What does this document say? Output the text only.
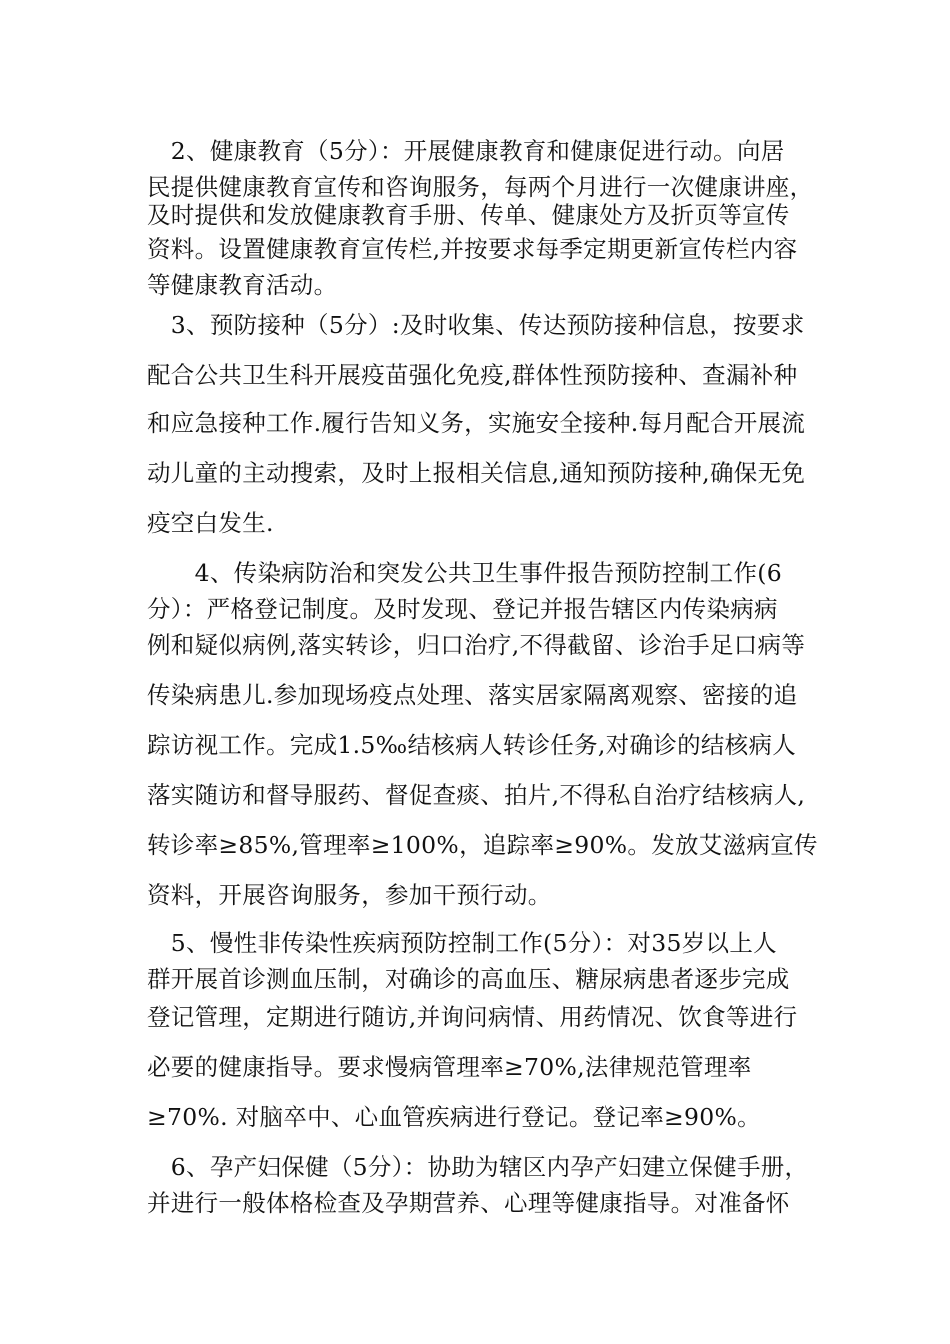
　2、健康教育（5分）：开展健康教育和健康促进行动。向居
民提供健康教育宣传和咨询服务，每两个月进行一次健康讲座，
及时提供和发放健康教育手册、传单、健康处方及折页等宣传
资料。设置健康教育宣传栏,并按要求每季定期更新宣传栏内容
等健康教育活动。
　3、预防接种（5分）:及时收集、传达预防接种信息，按要求
配合公共卫生科开展疫苗强化免疫,群体性预防接种、查漏补种
和应急接种工作.履行告知义务，实施安全接种.每月配合开展流
动儿童的主动搜索，及时上报相关信息,通知预防接种,确保无免
疫空白发生.
　　4、传染病防治和突发公共卫生事件报告预防控制工作(6
分）：严格登记制度。及时发现、登记并报告辖区内传染病病
例和疑似病例,落实转诊，归口治疗,不得截留、诊治手足口病等
传染病患儿.参加现场疫点处理、落实居家隔离观察、密接的追
踪访视工作。完成1.5‰结核病人转诊任务,对确诊的结核病人
落实随访和督导服药、督促查痰、拍片,不得私自治疗结核病人,
转诊率≥85%,管理率≥100%，追踪率≥90%。发放艾滋病宣传
资料，开展咨询服务，参加干预行动。
　5、慢性非传染性疾病预防控制工作(5分）：对35岁以上人
群开展首诊测血压制，对确诊的高血压、糖尿病患者逐步完成
登记管理，定期进行随访,并询问病情、用药情况、饮食等进行
必要的健康指导。要求慢病管理率≥70%,法律规范管理率
≥70%. 对脑卒中、心血管疾病进行登记。登记率≥90%。
　6、孕产妇保健（5分）：协助为辖区内孕产妇建立保健手册，
并进行一般体格检查及孕期营养、心理等健康指导。对准备怀
